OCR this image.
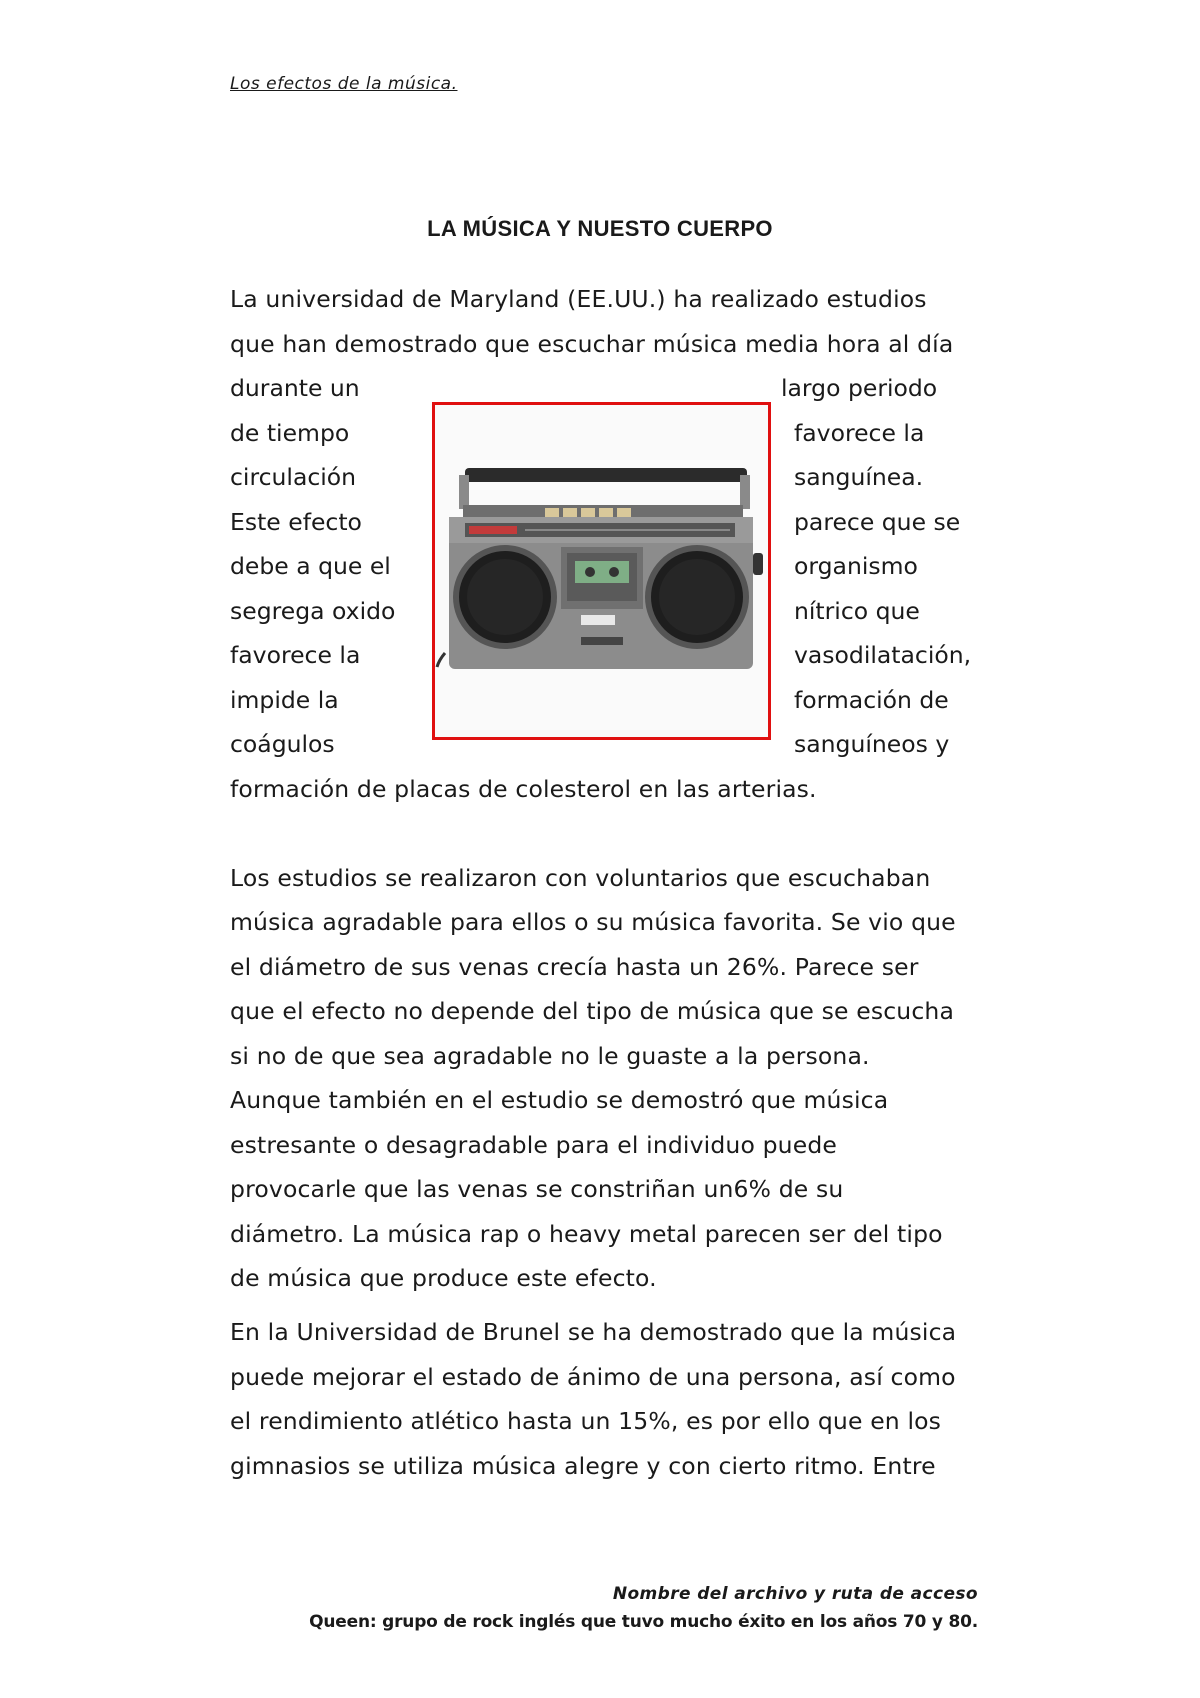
Los efectos de la música.
LA MÚSICA Y NUESTO CUERPO
La universidad de Maryland (EE.UU.) ha realizado estudios
que han demostrado que escuchar música media hora al día
durante un	largo periodo
de tiempo	favorece la
circulación	sanguínea.
Este efecto	parece que se
debe a que el	organismo
segrega oxido	nítrico que
favorece la	vasodilatación,
impide la	formación de
coágulos	sanguíneos y
formación de placas de colesterol en las arterias.
Los estudios se realizaron con voluntarios que escuchaban
música agradable para ellos o su música favorita. Se vio que
el diámetro de sus venas crecía hasta un 26%. Parece ser
que el efecto no depende del tipo de música que se escucha
si no de que sea agradable no le guaste a la persona.
Aunque también en el estudio se demostró que música
estresante o desagradable para el individuo puede
provocarle que las venas se constriñan un6% de su
diámetro. La música rap o heavy metal parecen ser del tipo
de música que produce este efecto.
En la Universidad de Brunel se ha demostrado que la música
puede mejorar el estado de ánimo de una persona, así como
el rendimiento atlético hasta un 15%, es por ello que en los
gimnasios se utiliza música alegre y con cierto ritmo. Entre
Nombre del archivo y ruta de acceso
Queen: grupo de rock inglés que tuvo mucho éxito en los años 70 y 80.
